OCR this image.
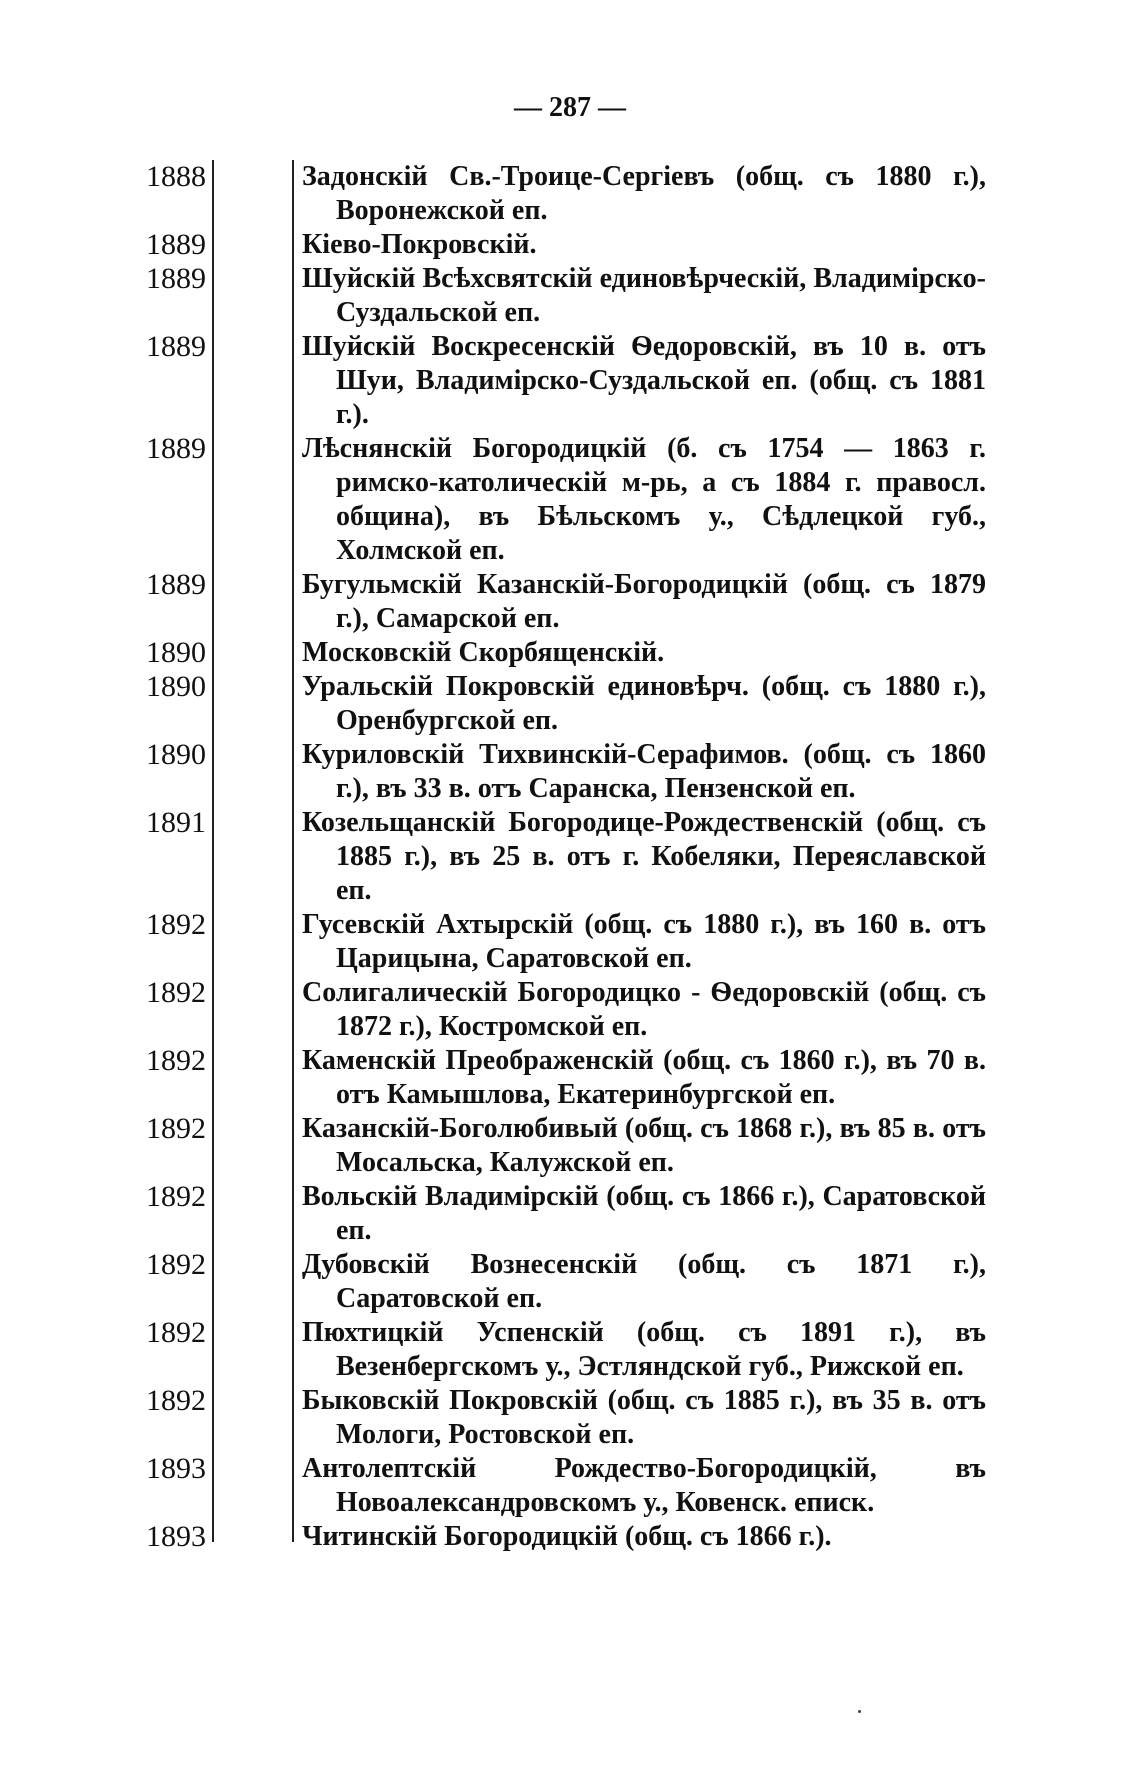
— 287 —
1888	Задонскій Св.-Троице-Сергіевъ (общ. съ 1880 г.), Воронежской еп.
1889	Кіево-Покровскій.
1889	Шуйскій Всѣхсвятскій единовѣрческій, Владимірско-Суздальской еп.
1889	Шуйскій Воскресенскій Ѳедоровскій, въ 10 в. отъ Шуи, Владимірско-Суздальской еп. (общ. съ 1881 г.).
1889	Лѣснянскій Богородицкій (б. съ 1754 — 1863 г. римско-католическій м-рь, а съ 1884 г. правосл. община), въ Бѣльскомъ у., Сѣдлецкой губ., Холмской еп.
1889	Бугульмскій Казанскій-Богородицкій (общ. съ 1879 г.), Самарской еп.
1890	Московскій Скорбященскій.
1890	Уральскій Покровскій единовѣрч. (общ. съ 1880 г.), Оренбургской еп.
1890	Куриловскій Тихвинскій-Серафимов. (общ. съ 1860 г.), въ 33 в. отъ Саранска, Пензенской еп.
1891	Козельщанскій Богородице-Рождественскій (общ. съ 1885 г.), въ 25 в. отъ г. Кобеляки, Переяславской еп.
1892	Гусевскій Ахтырскій (общ. съ 1880 г.), въ 160 в. отъ Царицына, Саратовской еп.
1892	Солигалическій Богородицко - Ѳедоровскій (общ. съ 1872 г.), Костромской еп.
1892	Каменскій Преображенскій (общ. съ 1860 г.), въ 70 в. отъ Камышлова, Екатеринбургской еп.
1892	Казанскій-Боголюбивый (общ. съ 1868 г.), въ 85 в. отъ Мосальска, Калужской еп.
1892	Вольскій Владимірскій (общ. съ 1866 г.), Саратовской еп.
1892	Дубовскій Вознесенскій (общ. съ 1871 г.), Саратовской еп.
1892	Пюхтицкій Успенскій (общ. съ 1891 г.), въ Везенбергскомъ у., Эстляндской губ., Рижской еп.
1892	Быковскій Покровскій (общ. съ 1885 г.), въ 35 в. отъ Мологи, Ростовской еп.
1893	Антолептскій Рождество-Богородицкій, въ Новоалександровскомъ у., Ковенск. еписк.
1893	Читинскій Богородицкій (общ. съ 1866 г.).
